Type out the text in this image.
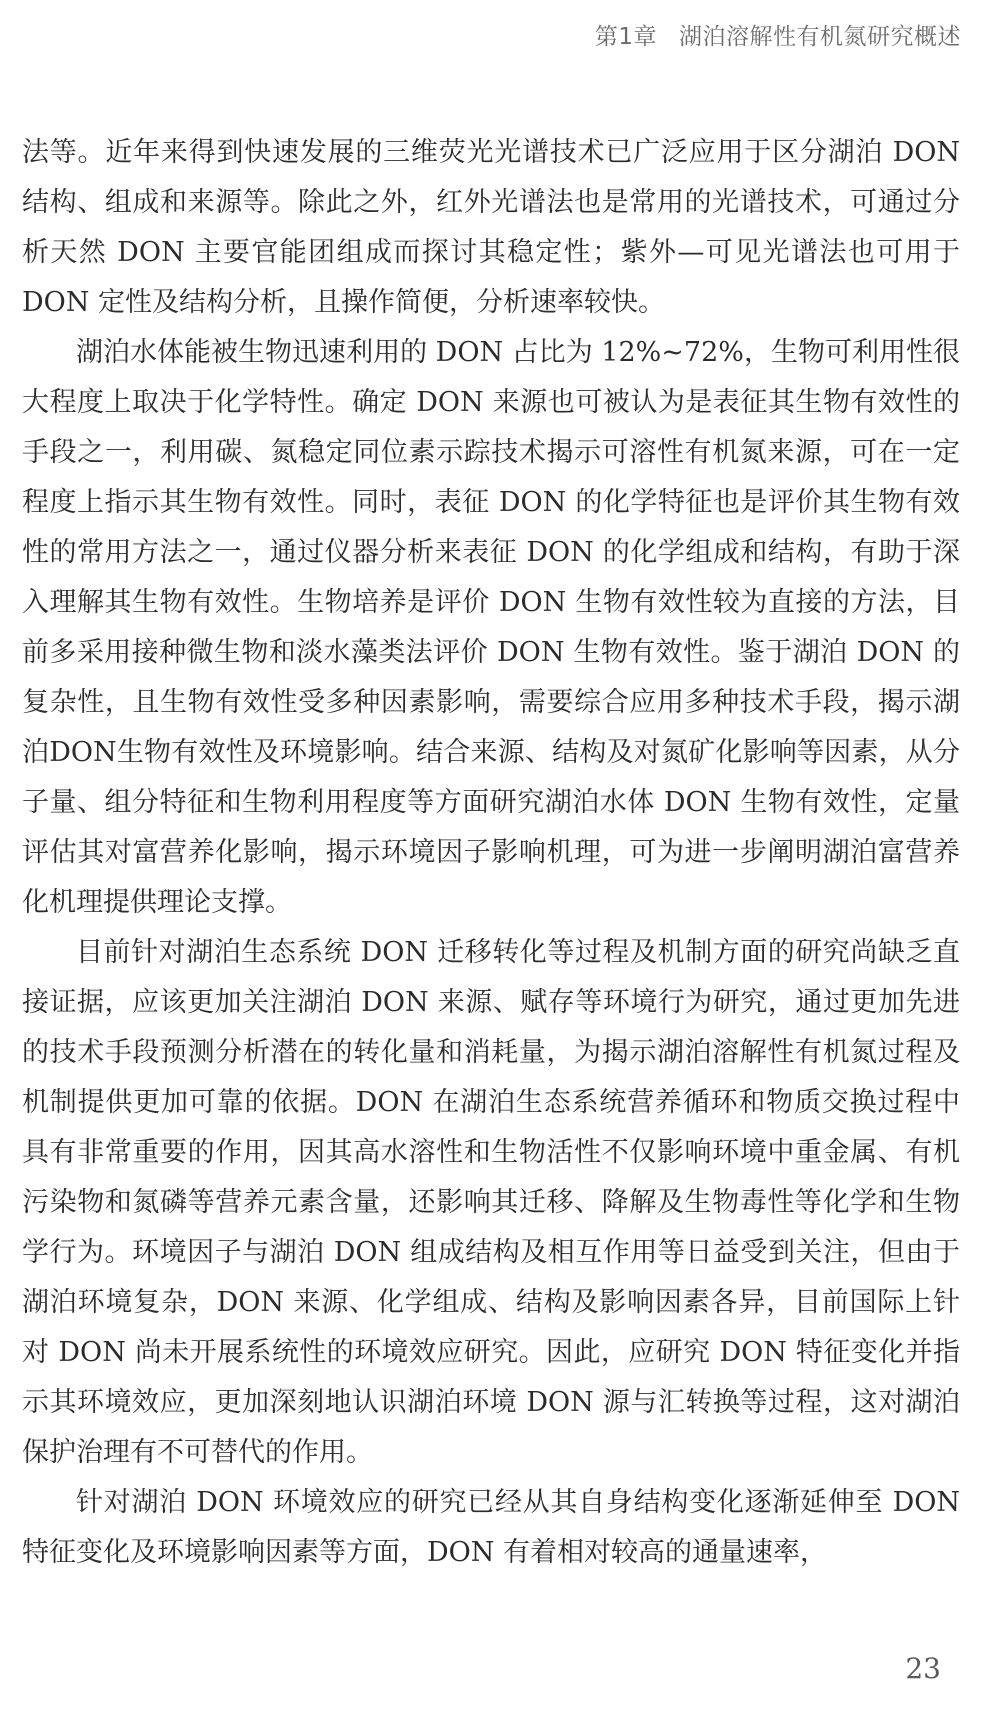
第1章 湖泊溶解性有机氮研究概述

法等。近年来得到快速发展的三维荧光光谱技术已广泛应用于区分湖泊 DON 结构、组成和来源等。除此之外，红外光谱法也是常用的光谱技术，可通过分析天然 DON 主要官能团组成而探讨其稳定性；紫外—可见光谱法也可用于 DON 定性及结构分析，且操作简便，分析速率较快。

湖泊水体能被生物迅速利用的 DON 占比为 12%~72%，生物可利用性很大程度上取决于化学特性。确定 DON 来源也可被认为是表征其生物有效性的手段之一，利用碳、氮稳定同位素示踪技术揭示可溶性有机氮来源，可在一定程度上指示其生物有效性。同时，表征 DON 的化学特征也是评价其生物有效性的常用方法之一，通过仪器分析来表征 DON 的化学组成和结构，有助于深入理解其生物有效性。生物培养是评价 DON 生物有效性较为直接的方法，目前多采用接种微生物和淡水藻类法评价 DON 生物有效性。鉴于湖泊 DON 的复杂性，且生物有效性受多种因素影响，需要综合应用多种技术手段，揭示湖泊DON生物有效性及环境影响。结合来源、结构及对氮矿化影响等因素，从分子量、组分特征和生物利用程度等方面研究湖泊水体 DON 生物有效性，定量评估其对富营养化影响，揭示环境因子影响机理，可为进一步阐明湖泊富营养化机理提供理论支撑。

目前针对湖泊生态系统 DON 迁移转化等过程及机制方面的研究尚缺乏直接证据，应该更加关注湖泊 DON 来源、赋存等环境行为研究，通过更加先进的技术手段预测分析潜在的转化量和消耗量，为揭示湖泊溶解性有机氮过程及机制提供更加可靠的依据。DON 在湖泊生态系统营养循环和物质交换过程中具有非常重要的作用，因其高水溶性和生物活性不仅影响环境中重金属、有机污染物和氮磷等营养元素含量，还影响其迁移、降解及生物毒性等化学和生物学行为。环境因子与湖泊 DON 组成结构及相互作用等日益受到关注，但由于湖泊环境复杂，DON 来源、化学组成、结构及影响因素各异，目前国际上针对 DON 尚未开展系统性的环境效应研究。因此，应研究 DON 特征变化并指示其环境效应，更加深刻地认识湖泊环境 DON 源与汇转换等过程，这对湖泊保护治理有不可替代的作用。

针对湖泊 DON 环境效应的研究已经从其自身结构变化逐渐延伸至 DON 特征变化及环境影响因素等方面，DON 有着相对较高的通量速率，

23
